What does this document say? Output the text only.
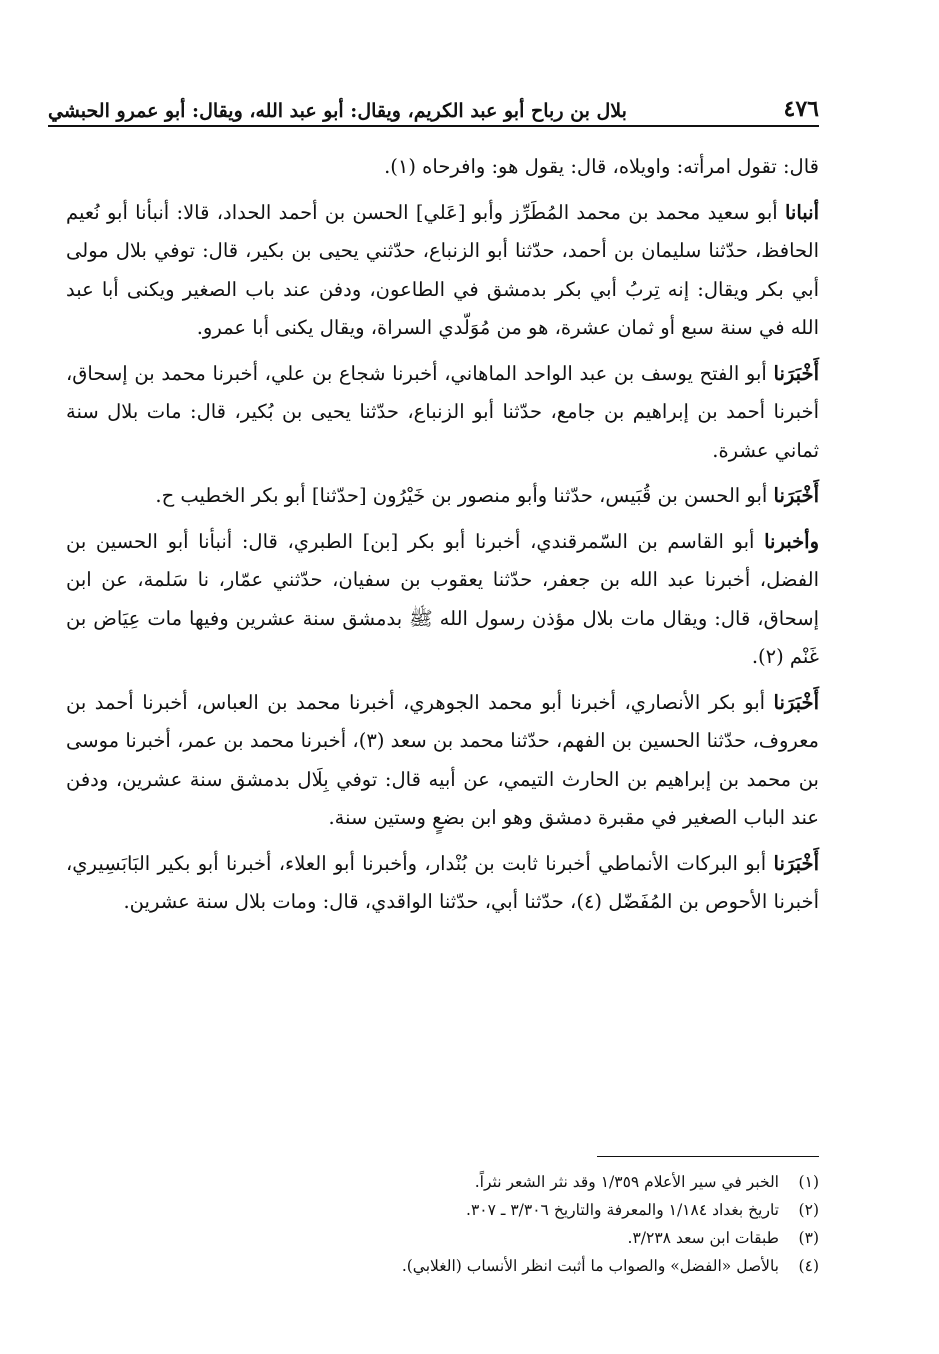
٤٧٦
بلال بن رباح أبو عبد الكريم، ويقال: أبو عبد الله، ويقال: أبو عمرو الحبشي

قال: تقول امرأته: واويلاه، قال: يقول هو: وافرحاه (١).

أنبانا أبو سعيد محمد بن محمد المُطَرِّز وأبو [عَلي] الحسن بن أحمد الحداد، قالا: أنبأنا أبو نُعيم الحافظ، حدّثنا سليمان بن أحمد، حدّثنا أبو الزنباع، حدّثني يحيى بن بكير، قال: توفي بلال مولى أبي بكر ويقال: إنه تِربُ أبي بكر بدمشق في الطاعون، ودفن عند باب الصغير ويكنى أبا عبد الله في سنة سبع أو ثمان عشرة، هو من مُوَلّدي السراة، ويقال يكنى أبا عمرو.

أَخْبَرَنا أبو الفتح يوسف بن عبد الواحد الماهاني، أخبرنا شجاع بن علي، أخبرنا محمد بن إسحاق، أخبرنا أحمد بن إبراهيم بن جامع، حدّثنا أبو الزنباع، حدّثنا يحيى بن بُكير، قال: مات بلال سنة ثماني عشرة.

أَخْبَرَنا أبو الحسن بن قُبَيس، حدّثنا وأبو منصور بن خَيْرُون [حدّثنا] أبو بكر الخطيب ح.

وأخبرنا أبو القاسم بن السّمرقندي، أخبرنا أبو بكر [بن] الطبري، قال: أنبأنا أبو الحسين بن الفضل، أخبرنا عبد الله بن جعفر، حدّثنا يعقوب بن سفيان، حدّثني عمّار، نا سَلمة، عن ابن إسحاق، قال: ويقال مات بلال مؤذن رسول الله ﷺ بدمشق سنة عشرين وفيها مات عِيَاض بن غَنْم (٢).

أَخْبَرَنا أبو بكر الأنصاري، أخبرنا أبو محمد الجوهري، أخبرنا محمد بن العباس، أخبرنا أحمد بن معروف، حدّثنا الحسين بن الفهم، حدّثنا محمد بن سعد (٣)، أخبرنا محمد بن عمر، أخبرنا موسى بن محمد بن إبراهيم بن الحارث التيمي، عن أبيه قال: توفي بِلَال بدمشق سنة عشرين، ودفن عند الباب الصغير في مقبرة دمشق وهو ابن بضعٍ وستين سنة.

أَخْبَرَنا أبو البركات الأنماطي أخبرنا ثابت بن بُنْدار، وأخبرنا أبو العلاء، أخبرنا أبو بكير البَابَسِيري، أخبرنا الأحوص بن المُفَضّل (٤)، حدّثنا أبي، حدّثنا الواقدي، قال: ومات بلال سنة عشرين.

(١)
الخبر في سير الأعلام ١/٣٥٩ وقد نثر الشعر نثراً.
(٢)
تاريخ بغداد ١/١٨٤ والمعرفة والتاريخ ٣/٣٠٦ ـ ٣٠٧.
(٣)
طبقات ابن سعد ٣/٢٣٨.
(٤)
بالأصل «الفضل» والصواب ما أثبت انظر الأنساب (الغلابي).
